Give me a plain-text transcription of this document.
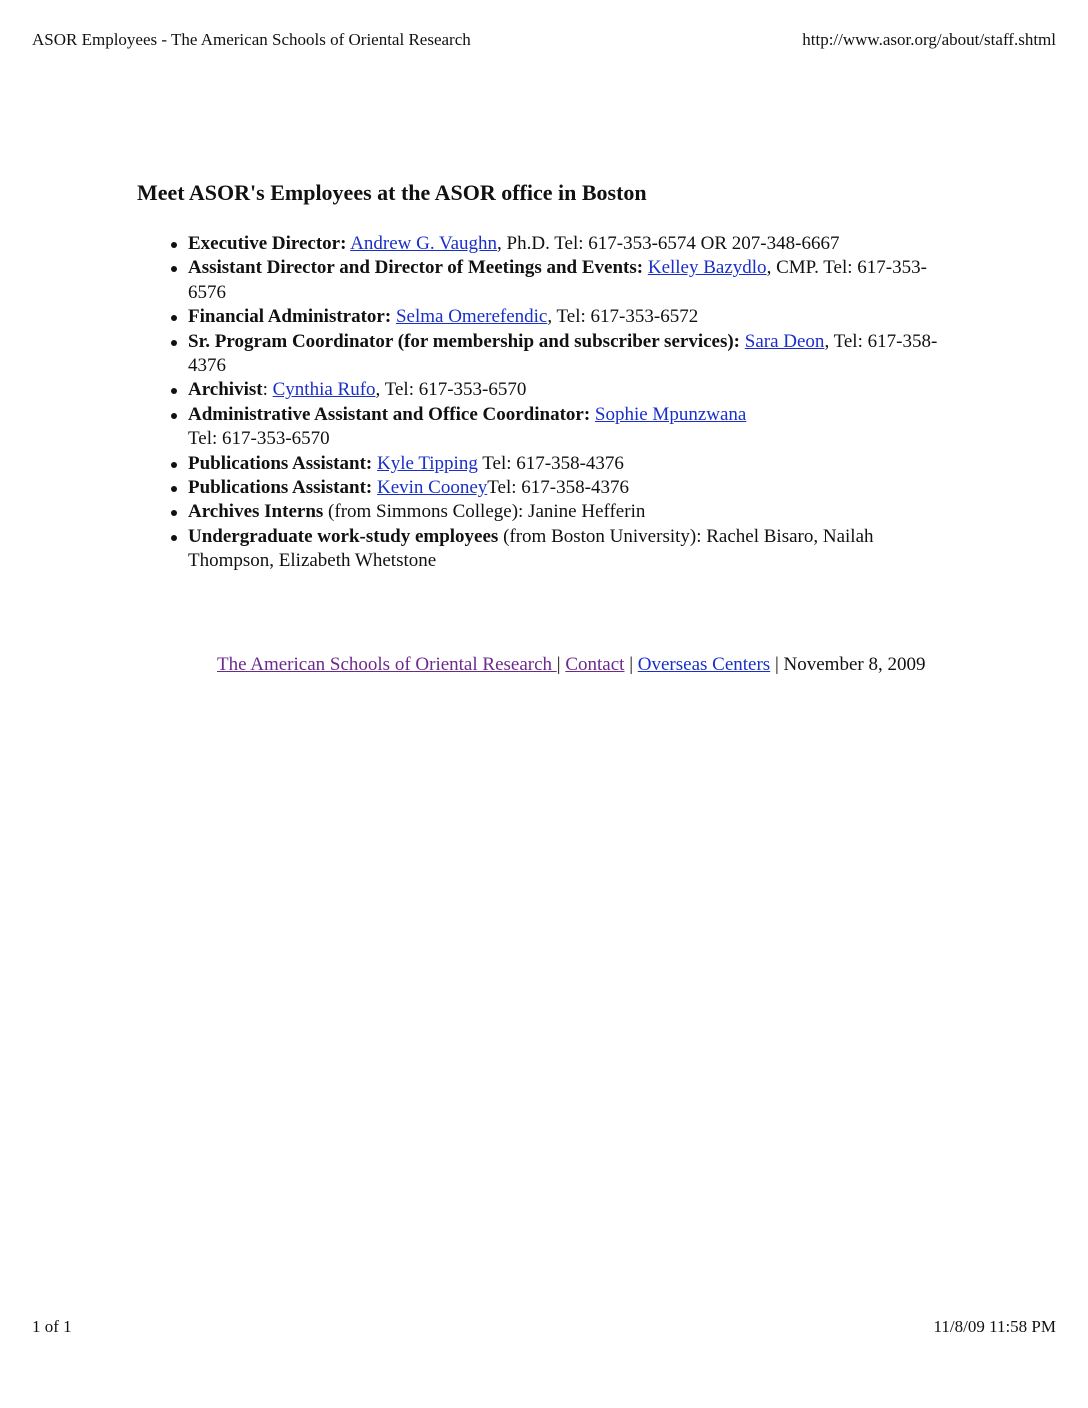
ASOR Employees - The American Schools of Oriental Research	http://www.asor.org/about/staff.shtml
Meet ASOR's Employees at the ASOR office in Boston
Executive Director: Andrew G. Vaughn, Ph.D. Tel: 617-353-6574 OR 207-348-6667
Assistant Director and Director of Meetings and Events: Kelley Bazydlo, CMP. Tel: 617-353-6576
Financial Administrator: Selma Omerefendic, Tel: 617-353-6572
Sr. Program Coordinator (for membership and subscriber services): Sara Deon, Tel: 617-358-4376
Archivist: Cynthia Rufo, Tel: 617-353-6570
Administrative Assistant and Office Coordinator: Sophie Mpunzwana
Tel: 617-353-6570
Publications Assistant: Kyle Tipping Tel: 617-358-4376
Publications Assistant: Kevin CooneyTel: 617-358-4376
Archives Interns (from Simmons College): Janine Hefferin
Undergraduate work-study employees (from Boston University): Rachel Bisaro, Nailah Thompson, Elizabeth Whetstone
The American Schools of Oriental Research | Contact | Overseas Centers | November 8, 2009
1 of 1	11/8/09 11:58 PM
